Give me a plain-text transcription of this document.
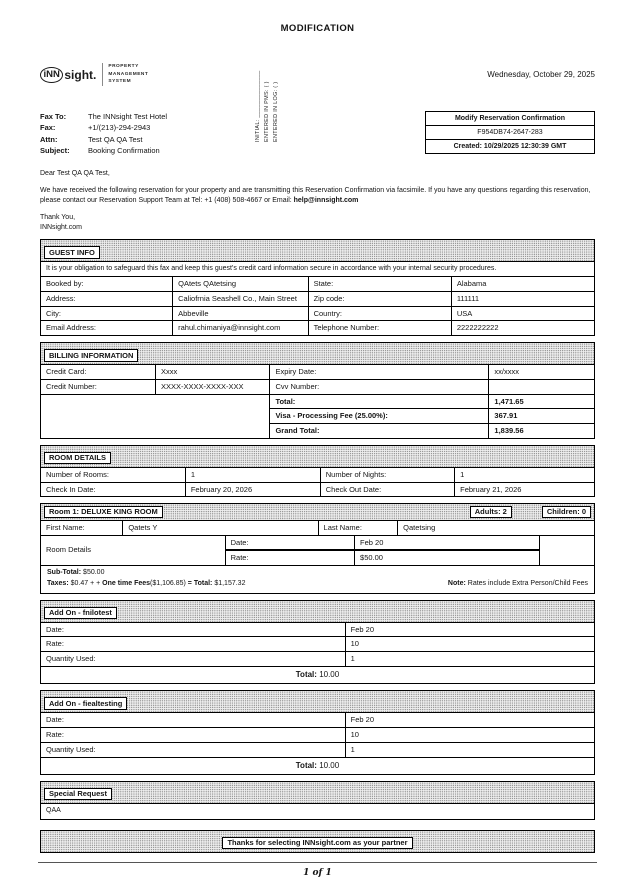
MODIFICATION
ENTERED IN LOG: ( )
ENTERED IN PMS: ( )
INITIAL: ______________
iNN sight.
PROPERTY
MANAGEMENT
SYSTEM
Wednesday, October 29, 2025
Fax To:	The INNsight Test Hotel
Fax:	+1/(213)-294-2943
Attn:	Test QA QA Test
Subject:	Booking Confirmation
Modify Reservation Confirmation
F954DB74-2647-283
Created: 10/29/2025 12:30:39 GMT

Dear Test QA QA Test,

We have received the following reservation for your property and are transmitting this Reservation Confirmation via facsimile. If you have any questions regarding this reservation, please contact our Reservation Support Team at Tel: +1 (408) 508-4667 or Email: help@innsight.com

Thank You,
INNsight.com
GUEST INFO
It is your obligation to safeguard this fax and keep this guest's credit card information secure in accordance with your internal security procedures.
Booked by:	QAtets QAtetsing	State:	Alabama
Address:	Caliofrnia Seashell Co., Main Street	Zip code:	111111
City:	Abbeville	Country:	USA
Email Address:	rahul.chimaniya@innsight.com	Telephone Number:	2222222222
BILLING INFORMATION
Credit Card:	Xxxx	Expiry Date:	xx/xxxx
Credit Number:	XXXX-XXXX-XXXX-XXX	Cvv Number:	
		Total:	1,471.65
		Visa - Processing Fee (25.00%):	367.91
		Grand Total:	1,839.56
ROOM DETAILS
Number of Rooms:	1	Number of Nights:	1
Check In Date:	February 20, 2026	Check Out Date:	February 21, 2026
Room 1: DELUXE KING ROOM	Adults: 2	Children: 0
First Name:	Qatets Y	Last Name:	Qatetsing
Room Details	Date:	Feb 20	
	Rate:	$50.00	
Sub-Total: $50.00
Taxes: $0.47 + + One time Fees($1,106.85) = Total: $1,157.32	Note: Rates include Extra Person/Child Fees
Add On - fnilotest
Date:	Feb 20
Rate:	10
Quantity Used:	1
Total: 10.00	
Add On - fiealtesting
Date:	Feb 20
Rate:	10
Quantity Used:	1
Total: 10.00	
Special Request
QAA
Thanks for selecting INNsight.com as your partner
1 of 1
